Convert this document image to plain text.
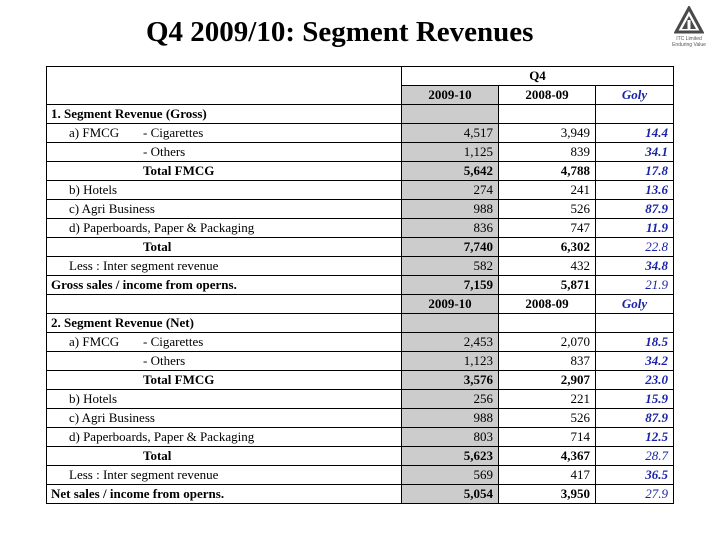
Q4 2009/10: Segment Revenues	ITC Limited
Enduring Value
	Q4		
	2009-10	2008-09	Goly
1. Segment Revenue (Gross)			
a) FMCG - Cigarettes	4,517	3,949	14.4
- Others	1,125	839	34.1
Total FMCG	5,642	4,788	17.8
b) Hotels	274	241	13.6
c) Agri Business	988	526	87.9
d) Paperboards, Paper & Packaging	836	747	11.9
Total	7,740	6,302	22.8
Less : Inter segment revenue	582	432	34.8
Gross sales / income from operns.	7,159	5,871	21.9
	2009-10	2008-09	Goly
2. Segment Revenue (Net)			
a) FMCG - Cigarettes	2,453	2,070	18.5
- Others	1,123	837	34.2
Total FMCG	3,576	2,907	23.0
b) Hotels	256	221	15.9
c) Agri Business	988	526	87.9
d) Paperboards, Paper & Packaging	803	714	12.5
Total	5,623	4,367	28.7
Less : Inter segment revenue	569	417	36.5
Net sales / income from operns.	5,054	3,950	27.9
